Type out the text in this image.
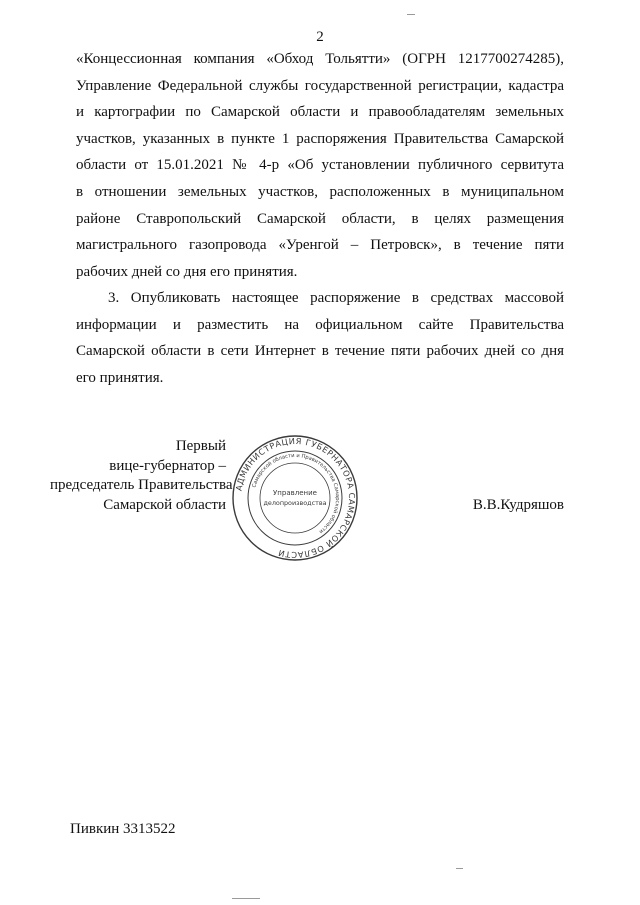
2
«Концессионная компания «Обход Тольятти» (ОГРН 1217700274285),
Управление Федеральной службы государственной регистрации, кадастра
и картографии по Самарской области и правообладателям земельных
участков, указанных в пункте 1 распоряжения Правительства Самарской
области от 15.01.2021 № 4-р «Об установлении публичного сервитута
в отношении земельных участков, расположенных в муниципальном
районе Ставропольский Самарской области, в целях размещения
магистрального газопровода «Уренгой – Петровск», в течение пяти
рабочих дней со дня его принятия.
3. Опубликовать настоящее распоряжение в средствах массовой
информации и разместить на официальном сайте Правительства
Самарской области в сети Интернет в течение пяти рабочих дней со дня
его принятия.
Первый
вице-губернатор –
председатель Правительства
Самарской области
АДМИНИСТРАЦИЯ ГУБЕРНАТОРА САМАРСКОЙ ОБЛАСТИ
Самарской области и Правительства Самарской области
Управление
делопроизводства	В.В.Кудряшов
Пивкин 3313522
